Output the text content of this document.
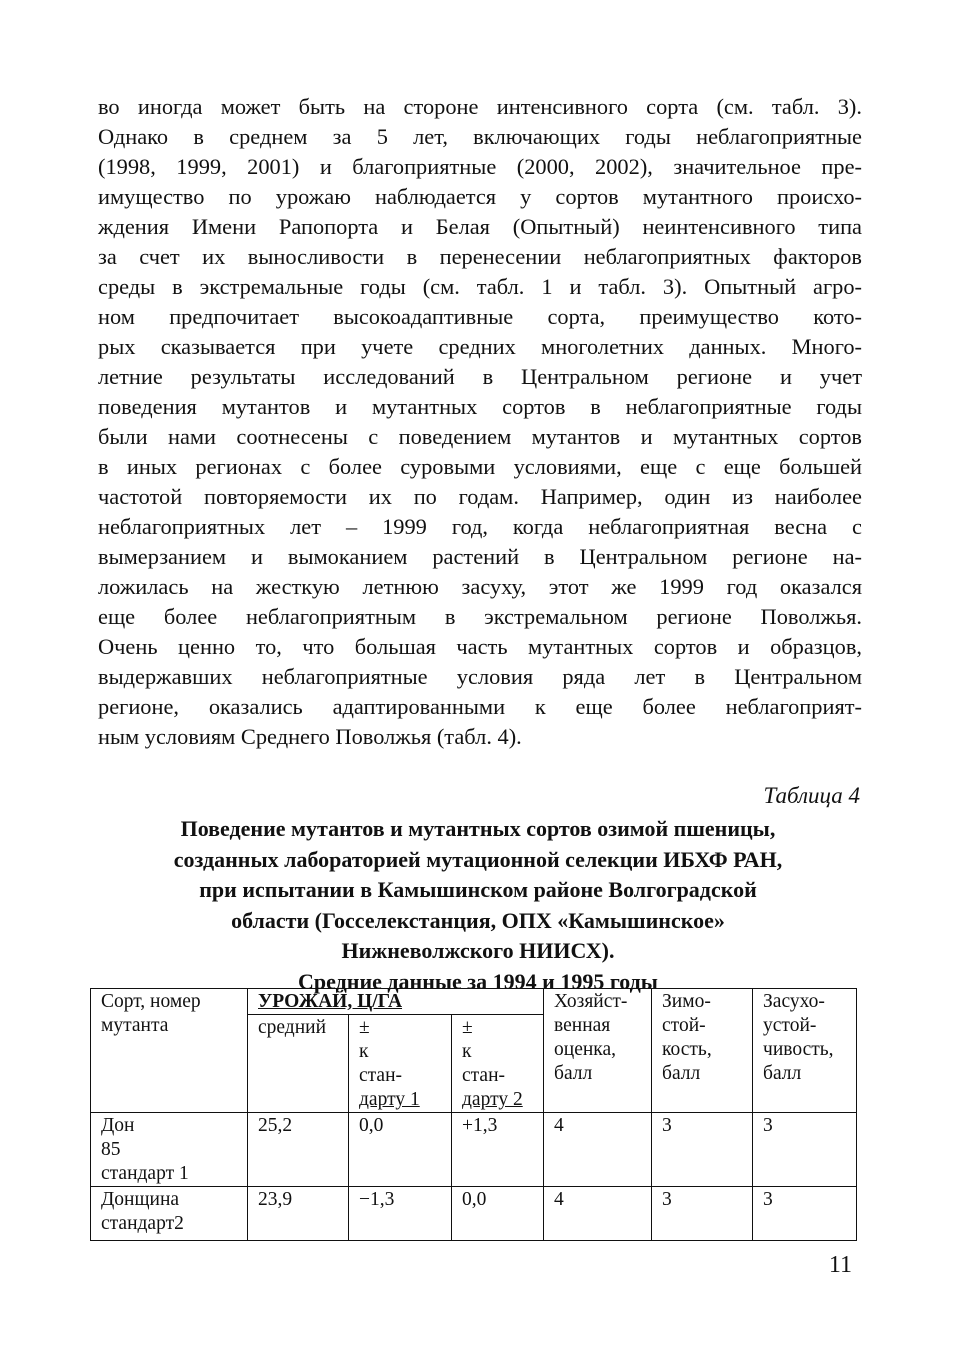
во иногда может быть на стороне интенсивного сорта (см. табл. 3).
Однако в среднем за 5 лет, включающих годы неблагоприятные
(1998, 1999, 2001) и благоприятные (2000, 2002), значительное пре-
имущество по урожаю наблюдается у сортов мутантного происхо-
ждения Имени Рапопорта и Белая (Опытный) неинтенсивного типа
за счет их выносливости в перенесении неблагоприятных факторов
среды в экстремальные годы (см. табл. 1 и табл. 3). Опытный агро-
ном предпочитает высокоадаптивные сорта, преимущество кото-
рых сказывается при учете средних многолетних данных. Много-
летние результаты исследований в Центральном регионе и учет
поведения мутантов и мутантных сортов в неблагоприятные годы
были нами соотнесены с поведением мутантов и мутантных сортов
в иных регионах с более суровыми условиями, еще с еще большей
частотой повторяемости их по годам. Например, один из наиболее
неблагоприятных лет – 1999 год, когда неблагоприятная весна с
вымерзанием и вымоканием растений в Центральном регионе на-
ложилась на жесткую летнюю засуху, этот же 1999 год оказался
еще более неблагоприятным в экстремальном регионе Поволжья.
Очень ценно то, что большая часть мутантных сортов и образцов,
выдержавших неблагоприятные условия ряда лет в Центральном
регионе, оказались адаптированными к еще более неблагоприят-
ным условиям Среднего Поволжья (табл. 4).

Таблица 4

Поведение мутантов и мутантных сортов озимой пшеницы,
созданных лабораторией мутационной селекции ИБХФ РАН,
при испытании в Камышинском районе Волгоградской
области (Госселекстанция, ОПХ «Камышинское»
Нижневолжского НИИСХ).
Средние данные за 1994 и 1995 годы
Сорт, номер
мутанта	УРОЖАЙ, Ц/ГА			Хозяйст-
венная
оценка,
балл	Зимо-
стой-
кость,
балл	Засухо-
устой-
чивость,
балл

	средний	±
к
стан-
дарту 1	±
к
стан-
дарту 2			

Дон
85
стандарт 1	25,2	0,0	+1,3	4	3	3

Донщина
стандарт2	23,9	−1,3	0,0	4	3	3

11
